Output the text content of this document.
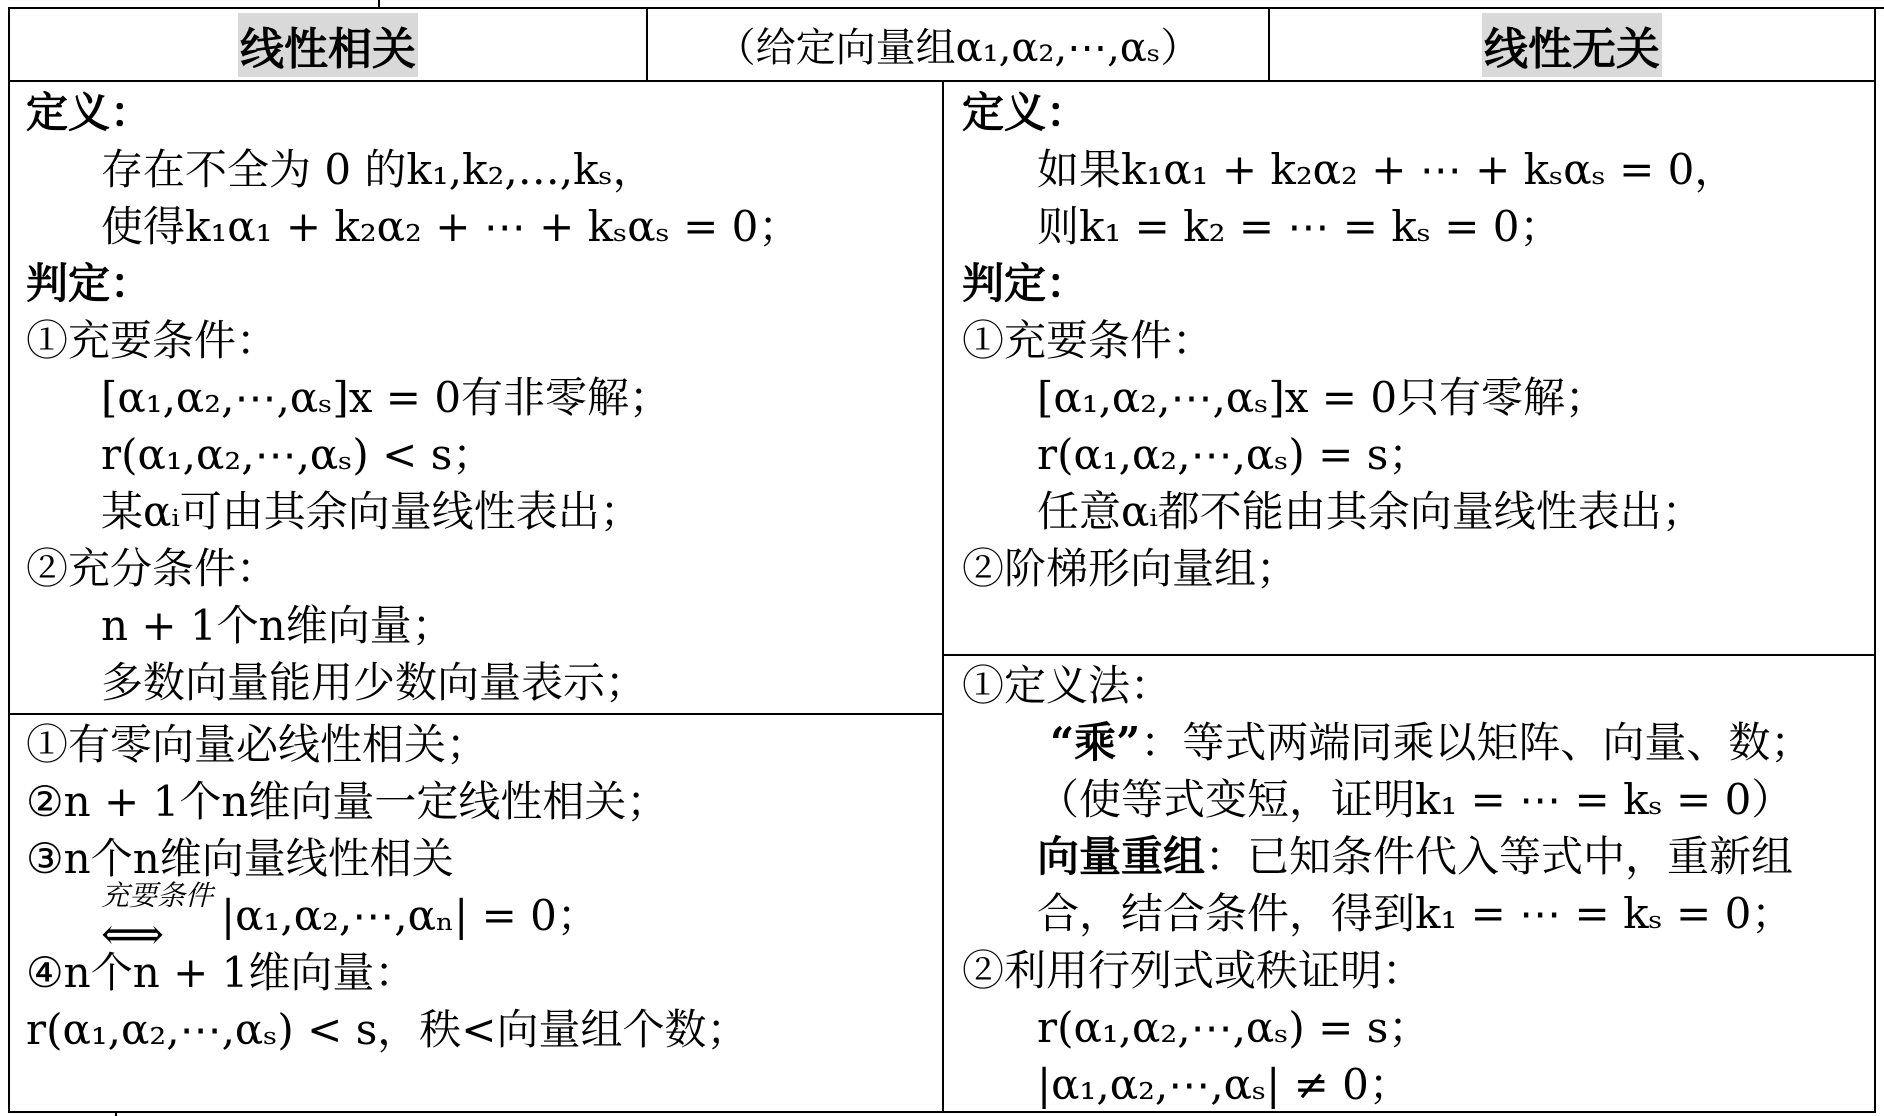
线性相关	（给定向量组α₁,α₂,⋯,αₛ）	线性无关
定义：
存在不全为 0 的k₁,k₂,…,kₛ，
使得k₁α₁ + k₂α₂ + ⋯ + kₛαₛ = 0；
判定：
①充要条件：
[α₁,α₂,⋯,αₛ]x = 0有非零解；
r(α₁,α₂,⋯,αₛ) < s；
某αᵢ可由其余向量线性表出；
②充分条件：
n + 1个n维向量；
多数向量能用少数向量表示；
①有零向量必线性相关；
②n + 1个n维向量一定线性相关；
③n个n维向量线性相关
充要条件
⟺ |α₁,α₂,⋯,αₙ| = 0；
④n个n + 1维向量：
r(α₁,α₂,⋯,αₛ) < s，秩<向量组个数；
定义：
如果k₁α₁ + k₂α₂ + ⋯ + kₛαₛ = 0，
则k₁ = k₂ = ⋯ = kₛ = 0；
判定：
①充要条件：
[α₁,α₂,⋯,αₛ]x = 0只有零解；
r(α₁,α₂,⋯,αₛ) = s；
任意αᵢ都不能由其余向量线性表出；
②阶梯形向量组；
①定义法：
“乘”：等式两端同乘以矩阵、向量、数；
（使等式变短，证明k₁ = ⋯ = kₛ = 0）
向量重组：已知条件代入等式中，重新组
合，结合条件，得到k₁ = ⋯ = kₛ = 0；
②利用行列式或秩证明：
r(α₁,α₂,⋯,αₛ) = s；
|α₁,α₂,⋯,αₛ| ≠ 0；
